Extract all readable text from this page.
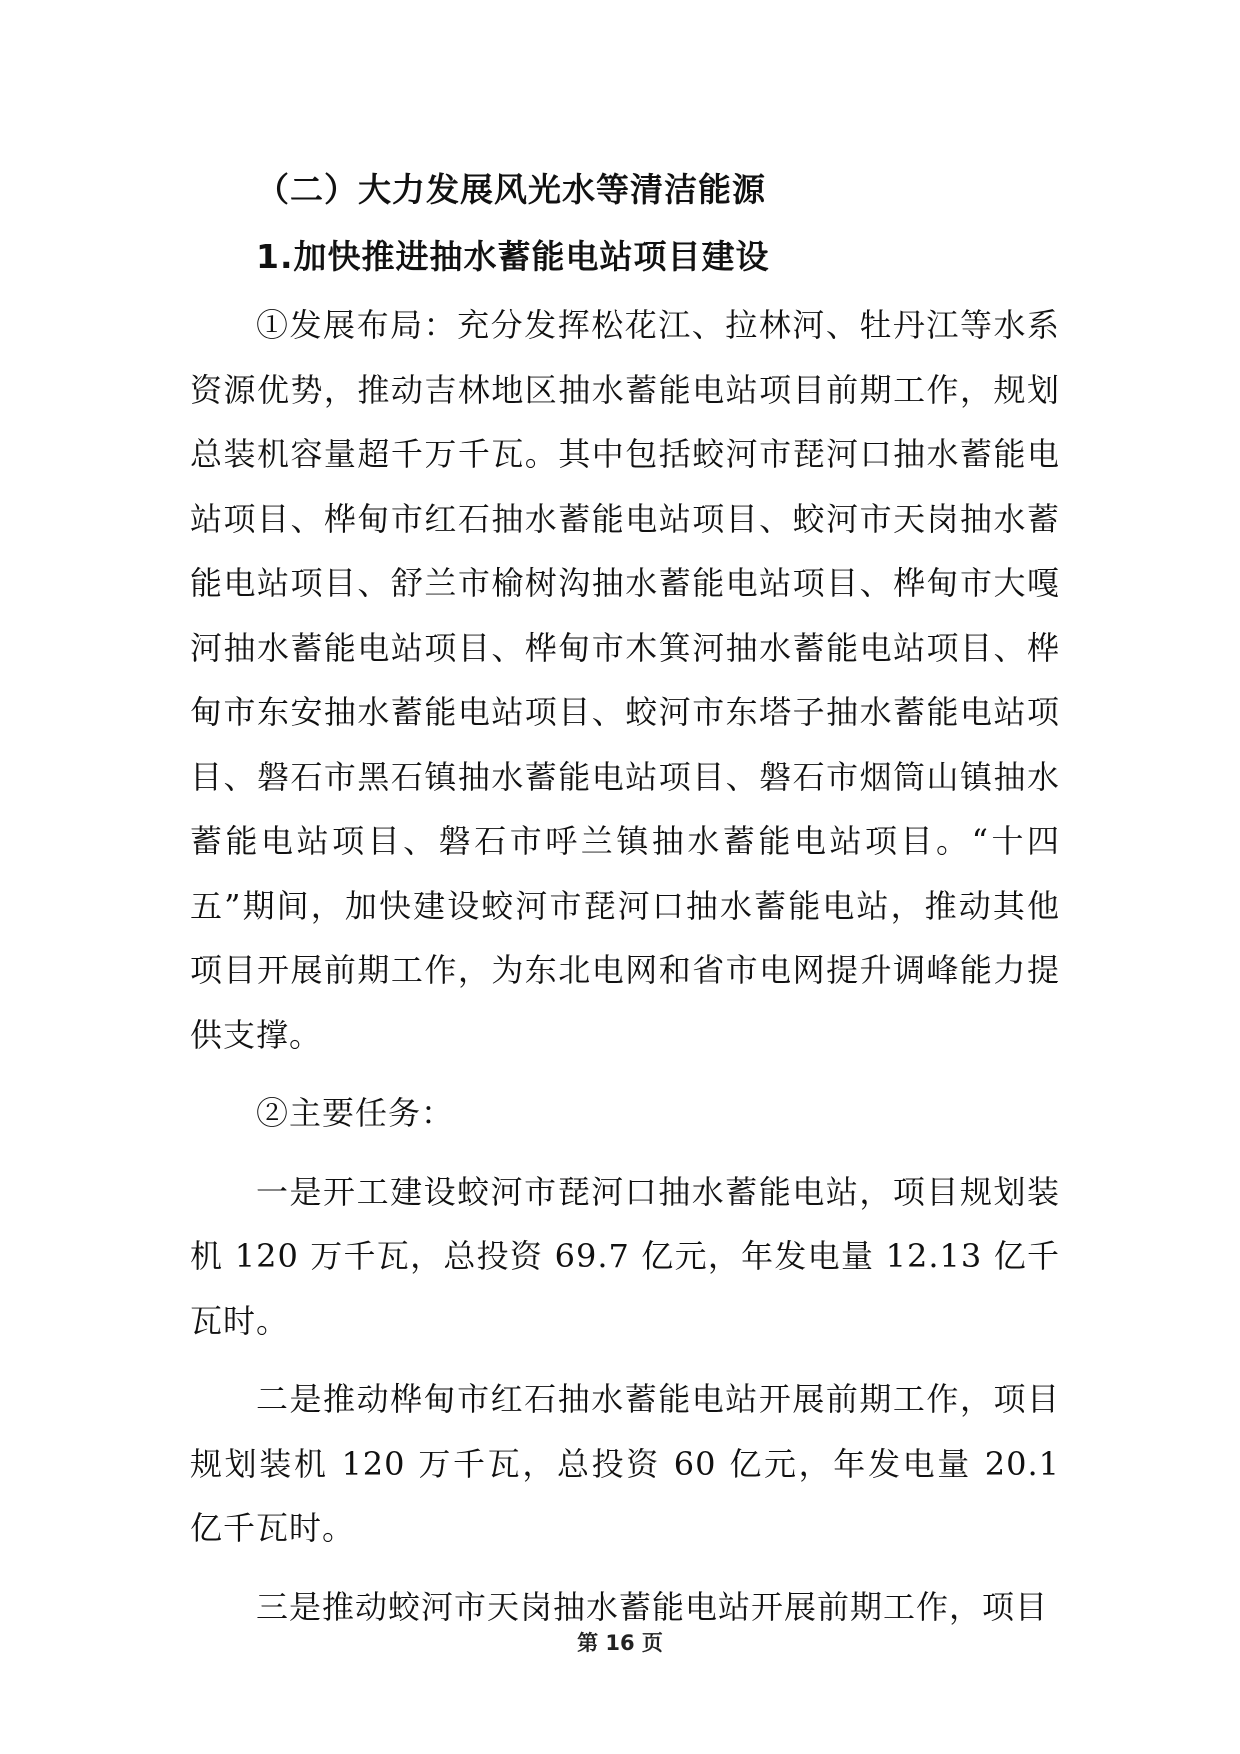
（二）大力发展风光水等清洁能源

1.加快推进抽水蓄能电站项目建设

①发展布局：充分发挥松花江、拉林河、牡丹江等水系资源优势，推动吉林地区抽水蓄能电站项目前期工作，规划总装机容量超千万千瓦。其中包括蛟河市琵河口抽水蓄能电站项目、桦甸市红石抽水蓄能电站项目、蛟河市天岗抽水蓄能电站项目、舒兰市榆树沟抽水蓄能电站项目、桦甸市大嘎河抽水蓄能电站项目、桦甸市木箕河抽水蓄能电站项目、桦甸市东安抽水蓄能电站项目、蛟河市东塔子抽水蓄能电站项目、磐石市黑石镇抽水蓄能电站项目、磐石市烟筒山镇抽水蓄能电站项目、磐石市呼兰镇抽水蓄能电站项目。“十四五”期间，加快建设蛟河市琵河口抽水蓄能电站，推动其他项目开展前期工作，为东北电网和省市电网提升调峰能力提供支撑。

②主要任务：

一是开工建设蛟河市琵河口抽水蓄能电站，项目规划装机 120 万千瓦，总投资 69.7 亿元，年发电量 12.13 亿千瓦时。

二是推动桦甸市红石抽水蓄能电站开展前期工作，项目规划装机 120 万千瓦，总投资 60 亿元，年发电量 20.1 亿千瓦时。

三是推动蛟河市天岗抽水蓄能电站开展前期工作，项目

第 16 页
